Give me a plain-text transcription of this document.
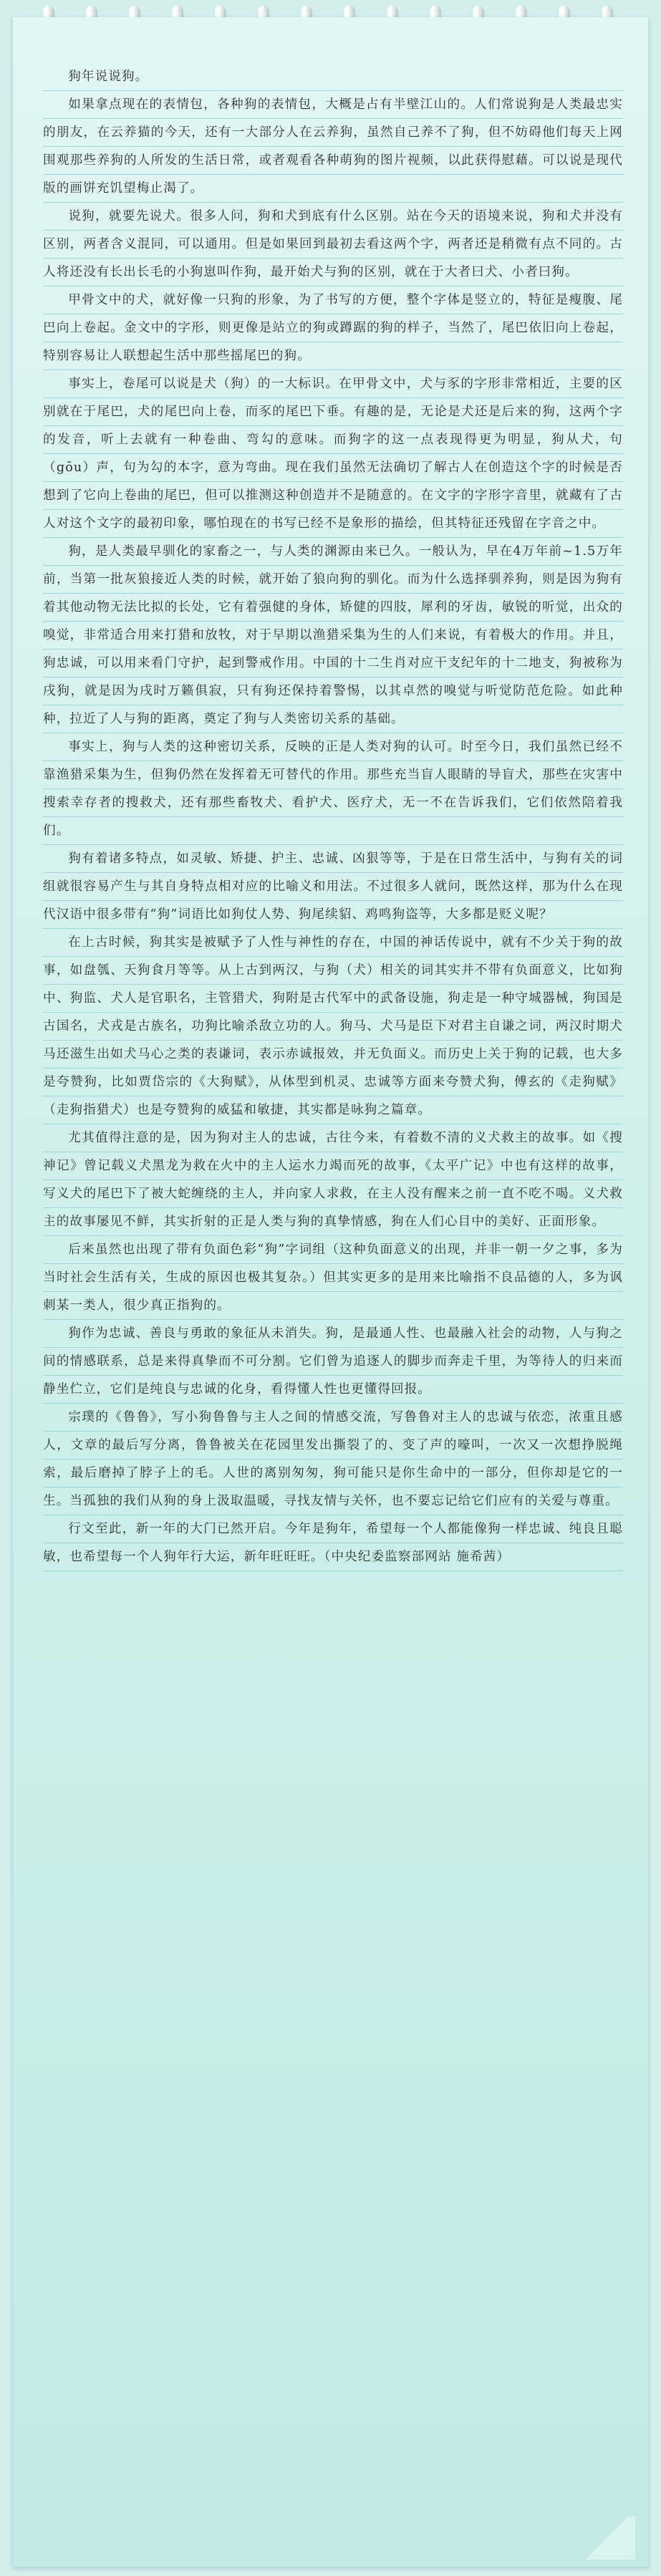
狗年说说狗。

如果拿点现在的表情包，各种狗的表情包，大概是占有半壁江山的。人们常说狗是人类最忠实的朋友，在云养猫的今天，还有一大部分人在云养狗，虽然自己养不了狗，但不妨碍他们每天上网围观那些养狗的人所发的生活日常，或者观看各种萌狗的图片视频，以此获得慰藉。可以说是现代版的画饼充饥望梅止渴了。

说狗，就要先说犬。很多人问，狗和犬到底有什么区别。站在今天的语境来说，狗和犬并没有区别，两者含义混同，可以通用。但是如果回到最初去看这两个字，两者还是稍微有点不同的。古人将还没有长出长毛的小狗崽叫作狗，最开始犬与狗的区别，就在于大者曰犬、小者曰狗。

甲骨文中的犬，就好像一只狗的形象，为了书写的方便，整个字体是竖立的，特征是瘦腹、尾巴向上卷起。金文中的字形，则更像是站立的狗或蹲踞的狗的样子，当然了，尾巴依旧向上卷起，特别容易让人联想起生活中那些摇尾巴的狗。

事实上，卷尾可以说是犬（狗）的一大标识。在甲骨文中，犬与豕的字形非常相近，主要的区别就在于尾巴，犬的尾巴向上卷，而豕的尾巴下垂。有趣的是，无论是犬还是后来的狗，这两个字的发音，听上去就有一种卷曲、弯勾的意味。而狗字的这一点表现得更为明显，狗从犬，句（gōu）声，句为勾的本字，意为弯曲。现在我们虽然无法确切了解古人在创造这个字的时候是否想到了它向上卷曲的尾巴，但可以推测这种创造并不是随意的。在文字的字形字音里，就藏有了古人对这个文字的最初印象，哪怕现在的书写已经不是象形的描绘，但其特征还残留在字音之中。

狗，是人类最早驯化的家畜之一，与人类的渊源由来已久。一般认为，早在4万年前~1.5万年前，当第一批灰狼接近人类的时候，就开始了狼向狗的驯化。而为什么选择驯养狗，则是因为狗有着其他动物无法比拟的长处，它有着强健的身体，矫健的四肢，犀利的牙齿，敏锐的听觉，出众的嗅觉，非常适合用来打猎和放牧，对于早期以渔猎采集为生的人们来说，有着极大的作用。并且，狗忠诚，可以用来看门守护，起到警戒作用。中国的十二生肖对应干支纪年的十二地支，狗被称为戌狗，就是因为戌时万籁俱寂，只有狗还保持着警惕，以其卓然的嗅觉与听觉防范危险。如此种种，拉近了人与狗的距离，奠定了狗与人类密切关系的基础。

事实上，狗与人类的这种密切关系，反映的正是人类对狗的认可。时至今日，我们虽然已经不靠渔猎采集为生，但狗仍然在发挥着无可替代的作用。那些充当盲人眼睛的导盲犬，那些在灾害中搜索幸存者的搜救犬，还有那些畜牧犬、看护犬、医疗犬，无一不在告诉我们，它们依然陪着我们。

狗有着诸多特点，如灵敏、矫捷、护主、忠诚、凶狠等等，于是在日常生活中，与狗有关的词组就很容易产生与其自身特点相对应的比喻义和用法。不过很多人就问，既然这样，那为什么在现代汉语中很多带有“狗”词语比如狗仗人势、狗尾续貂、鸡鸣狗盗等，大多都是贬义呢？

在上古时候，狗其实是被赋予了人性与神性的存在，中国的神话传说中，就有不少关于狗的故事，如盘瓠、天狗食月等等。从上古到两汉，与狗（犬）相关的词其实并不带有负面意义，比如狗中、狗监、犬人是官职名，主管猎犬，狗附是古代军中的武备设施，狗走是一种守城器械，狗国是古国名，犬戎是古族名，功狗比喻杀敌立功的人。狗马、犬马是臣下对君主自谦之词，两汉时期犬马还滋生出如犬马心之类的表谦词，表示赤诚报效，并无负面义。而历史上关于狗的记载，也大多是夸赞狗，比如贾岱宗的《大狗赋》，从体型到机灵、忠诚等方面来夸赞犬狗，傅玄的《走狗赋》（走狗指猎犬）也是夸赞狗的威猛和敏捷，其实都是咏狗之篇章。

尤其值得注意的是，因为狗对主人的忠诚，古往今来，有着数不清的义犬救主的故事。如《搜神记》曾记载义犬黑龙为救在火中的主人运水力竭而死的故事，《太平广记》中也有这样的故事，写义犬的尾巴下了被大蛇缠绕的主人，并向家人求救，在主人没有醒来之前一直不吃不喝。义犬救主的故事屡见不鲜，其实折射的正是人类与狗的真挚情感，狗在人们心目中的美好、正面形象。

后来虽然也出现了带有负面色彩“狗”字词组（这种负面意义的出现，并非一朝一夕之事，多为当时社会生活有关，生成的原因也极其复杂。）但其实更多的是用来比喻指不良品德的人，多为讽刺某一类人，很少真正指狗的。

狗作为忠诚、善良与勇敢的象征从未消失。狗，是最通人性、也最融入社会的动物，人与狗之间的情感联系，总是来得真挚而不可分割。它们曾为追逐人的脚步而奔走千里，为等待人的归来而静坐伫立，它们是纯良与忠诚的化身，看得懂人性也更懂得回报。

宗璞的《鲁鲁》，写小狗鲁鲁与主人之间的情感交流，写鲁鲁对主人的忠诚与依恋，浓重且感人，文章的最后写分离，鲁鲁被关在花园里发出撕裂了的、变了声的嚎叫，一次又一次想挣脱绳索，最后磨掉了脖子上的毛。人世的离别匆匆，狗可能只是你生命中的一部分，但你却是它的一生。当孤独的我们从狗的身上汲取温暖，寻找友情与关怀，也不要忘记给它们应有的关爱与尊重。

行文至此，新一年的大门已然开启。今年是狗年，希望每一个人都能像狗一样忠诚、纯良且聪敏，也希望每一个人狗年行大运，新年旺旺旺。（中央纪委监察部网站 施希茜）
